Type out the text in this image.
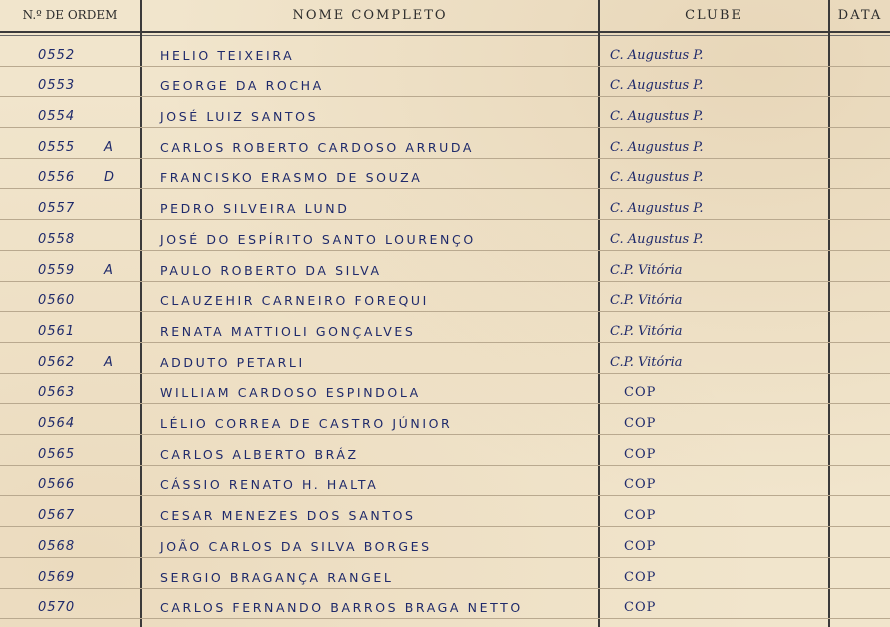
N.º DE ORDEM	NOME COMPLETO	CLUBE	DATA
0552	HELIO TEIXEIRA	C. Augustus P.
0553	GEORGE DA ROCHA	C. Augustus P.
0554	JOSÉ LUIZ SANTOS	C. Augustus P.
0555	A	CARLOS ROBERTO CARDOSO ARRUDA	C. Augustus P.
0556	D	FRANCISKO ERASMO DE SOUZA	C. Augustus P.
0557	PEDRO SILVEIRA LUND	C. Augustus P.
0558	JOSÉ DO ESPÍRITO SANTO LOURENÇO	C. Augustus P.
0559	A	PAULO ROBERTO DA SILVA	C.P. Vitória
0560	CLAUZEHIR CARNEIRO FOREQUI	C.P. Vitória
0561	RENATA MATTIOLI GONÇALVES	C.P. Vitória
0562	A	ADDUTO PETARLI	C.P. Vitória
0563	WILLIAM CARDOSO ESPINDOLA	COP
0564	LÉLIO CORREA DE CASTRO JÚNIOR	COP
0565	CARLOS ALBERTO BRÁZ	COP
0566	CÁSSIO RENATO H. HALTA	COP
0567	CESAR MENEZES DOS SANTOS	COP
0568	JOÃO CARLOS DA SILVA BORGES	COP
0569	SERGIO BRAGANÇA RANGEL	COP
0570	CARLOS FERNANDO BARROS BRAGA NETTO	COP
